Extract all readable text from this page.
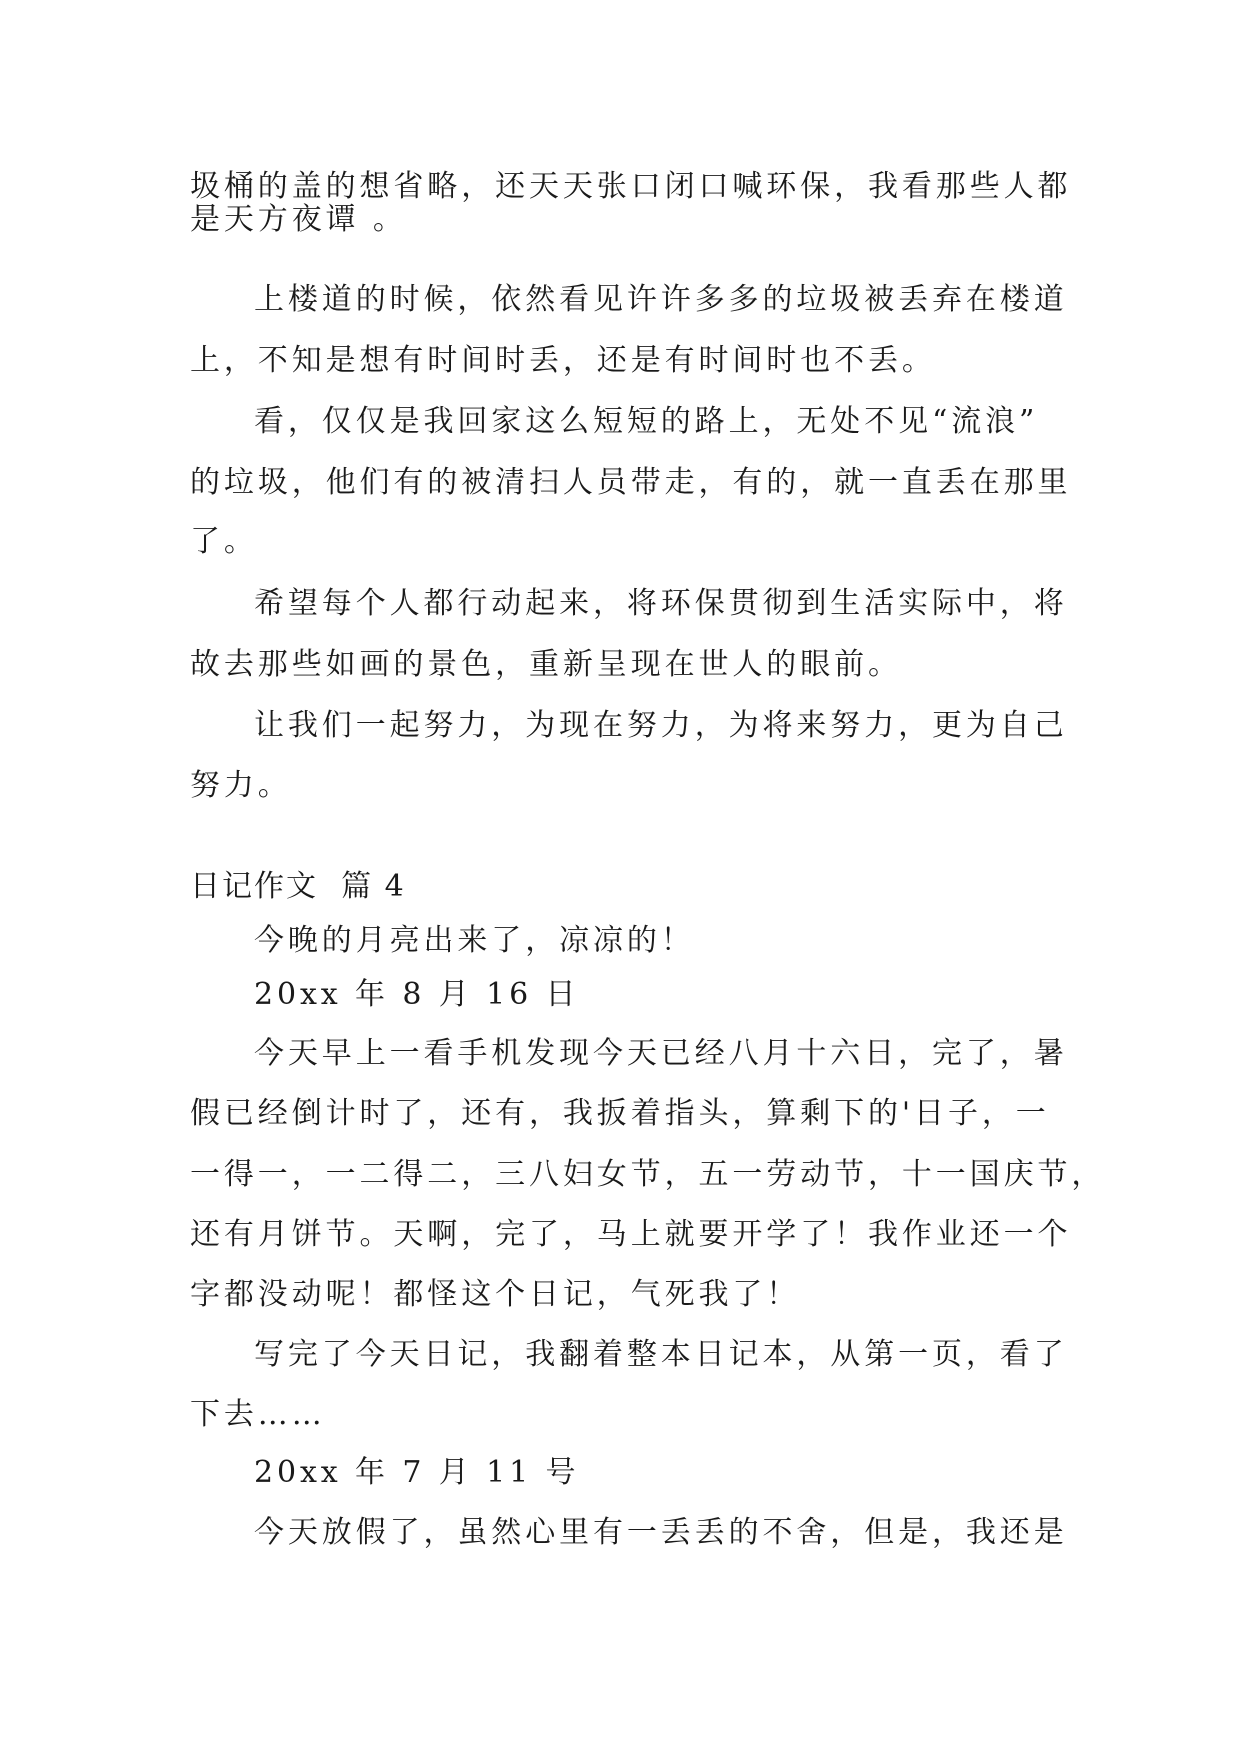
圾桶的盖的想省略，还天天张口闭口喊环保，我看那些人都
是天方夜谭 。
上楼道的时候，依然看见许许多多的垃圾被丢弃在楼道
上，不知是想有时间时丢，还是有时间时也不丢。
看，仅仅是我回家这么短短的路上，无处不见“流浪”
的垃圾，他们有的被清扫人员带走，有的，就一直丢在那里
了。
希望每个人都行动起来，将环保贯彻到生活实际中，将
故去那些如画的景色，重新呈现在世人的眼前。
让我们一起努力，为现在努力，为将来努力，更为自己
努力。
日记作文  篇 4
今晚的月亮出来了，凉凉的！
20xx 年 8 月 16 日
今天早上一看手机发现今天已经八月十六日，完了，暑
假已经倒计时了，还有，我扳着指头，算剩下的'日子，一
一得一，一二得二，三八妇女节，五一劳动节，十一国庆节，
还有月饼节。天啊，完了，马上就要开学了！我作业还一个
字都没动呢！都怪这个日记，气死我了！
写完了今天日记，我翻着整本日记本，从第一页，看了
下去……
20xx 年 7 月 11 号
今天放假了，虽然心里有一丢丢的不舍，但是，我还是
